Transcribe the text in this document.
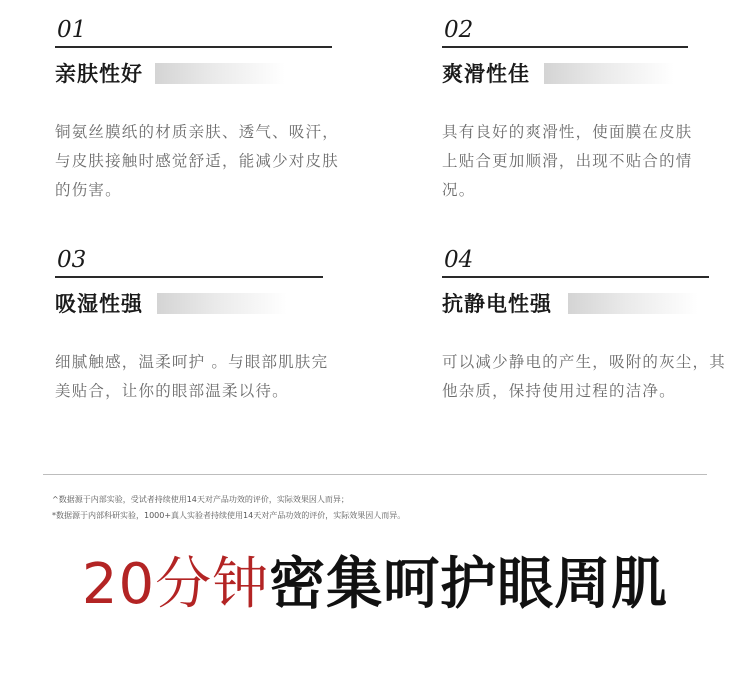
01
亲肤性好
铜氨丝膜纸的材质亲肤、透气、吸汗，与皮肤接触时感觉舒适，能减少对皮肤的伤害。
02
爽滑性佳
具有良好的爽滑性，使面膜在皮肤上贴合更加顺滑，出现不贴合的情况。
03
吸湿性强
细腻触感，温柔呵护 。与眼部肌肤完美贴合，让你的眼部温柔以待。
04
抗静电性强
可以减少静电的产生，吸附的灰尘，其他杂质，保持使用过程的洁净。
^数据源于内部实验，受试者持续使用14天对产品功效的评价，实际效果因人而异；
*数据源于内部科研实验，1000+真人实验者持续使用14天对产品功效的评价，实际效果因人而异。
20分钟密集呵护眼周肌
